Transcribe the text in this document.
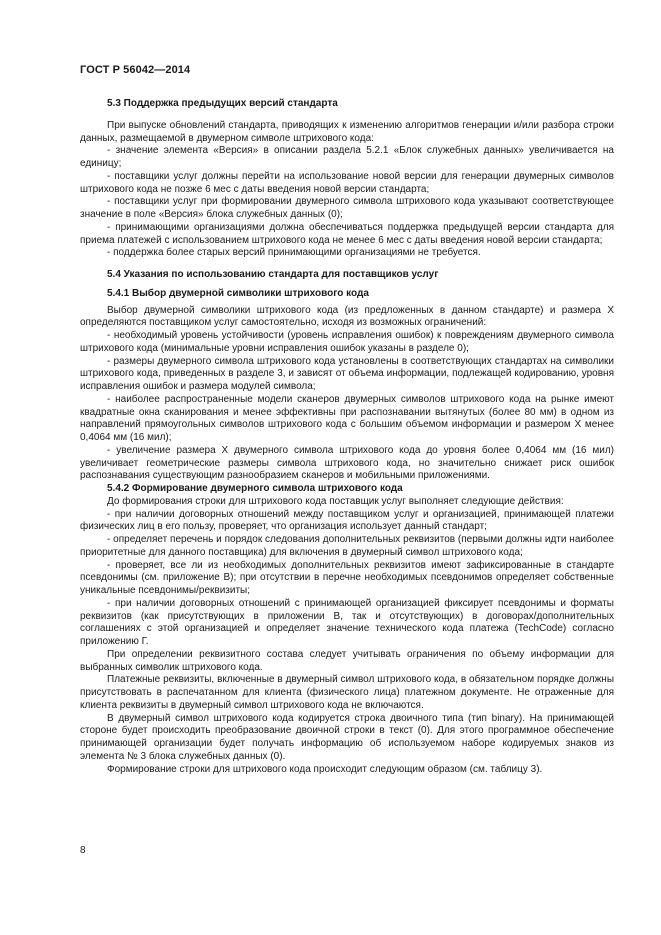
ГОСТ Р 56042—2014

5.3 Поддержка предыдущих версий стандарта

При выпуске обновлений стандарта, приводящих к изменению алгоритмов генерации и/или разбора строки данных, размещаемой в двумерном символе штрихового кода:

- значение элемента «Версия» в описании раздела 5.2.1 «Блок служебных данных» увеличивается на единицу;

- поставщики услуг должны перейти на использование новой версии для генерации двумерных символов штрихового кода не позже 6 мес с даты введения новой версии стандарта;

- поставщики услуг при формировании двумерного символа штрихового кода указывают соответствующее значение в поле «Версия» блока служебных данных (0);

- принимающими организациями должна обеспечиваться поддержка предыдущей версии стандарта для приема платежей с использованием штрихового кода не менее 6 мес с даты введения новой версии стандарта;

- поддержка более старых версий принимающими организациями не требуется.

5.4 Указания по использованию стандарта для поставщиков услуг

5.4.1 Выбор двумерной символики штрихового кода

Выбор двумерной символики штрихового кода (из предложенных в данном стандарте) и размера X определяются поставщиком услуг самостоятельно, исходя из возможных ограничений:

- необходимый уровень устойчивости (уровень исправления ошибок) к повреждениям двумерного символа штрихового кода (минимальные уровни исправления ошибок указаны в разделе 0);

- размеры двумерного символа штрихового кода установлены в соответствующих стандартах на символики штрихового кода, приведенных в разделе 3, и зависят от объема информации, подлежащей кодированию, уровня исправления ошибок и размера модулей символа;

- наиболее распространенные модели сканеров двумерных символов штрихового кода на рынке имеют квадратные окна сканирования и менее эффективны при распознавании вытянутых (более 80 мм) в одном из направлений прямоугольных символов штрихового кода с большим объемом информации и размером X менее 0,4064 мм (16 мил);

- увеличение размера X двумерного символа штрихового кода до уровня более 0,4064 мм (16 мил) увеличивает геометрические размеры символа штрихового кода, но значительно снижает риск ошибок распознавания существующим разнообразием сканеров и мобильными приложениями.

5.4.2 Формирование двумерного символа штрихового кода

До формирования строки для штрихового кода поставщик услуг выполняет следующие действия:

- при наличии договорных отношений между поставщиком услуг и организацией, принимающей платежи физических лиц в его пользу, проверяет, что организация использует данный стандарт;

- определяет перечень и порядок следования дополнительных реквизитов (первыми должны идти наиболее приоритетные для данного поставщика) для включения в двумерный символ штрихового кода;

- проверяет, все ли из необходимых дополнительных реквизитов имеют зафиксированные в стандарте псевдонимы (см. приложение В); при отсутствии в перечне необходимых псевдонимов определяет собственные уникальные псевдонимы/реквизиты;

- при наличии договорных отношений с принимающей организацией фиксирует псевдонимы и форматы реквизитов (как присутствующих в приложении В, так и отсутствующих) в договорах/дополнительных соглашениях с этой организацией и определяет значение технического кода платежа (TechCode) согласно приложению Г.

При определении реквизитного состава следует учитывать ограничения по объему информации для выбранных символик штрихового кода.

Платежные реквизиты, включенные в двумерный символ штрихового кода, в обязательном порядке должны присутствовать в распечатанном для клиента (физического лица) платежном документе. Не отраженные для клиента реквизиты в двумерный символ штрихового кода не включаются.

В двумерный символ штрихового кода кодируется строка двоичного типа (тип binary). На принимающей стороне будет происходить преобразование двоичной строки в текст (0). Для этого программное обеспечение принимающей организации будет получать информацию об используемом наборе кодируемых знаков из элемента № 3 блока служебных данных (0).

Формирование строки для штрихового кода происходит следующим образом (см. таблицу 3).

8
